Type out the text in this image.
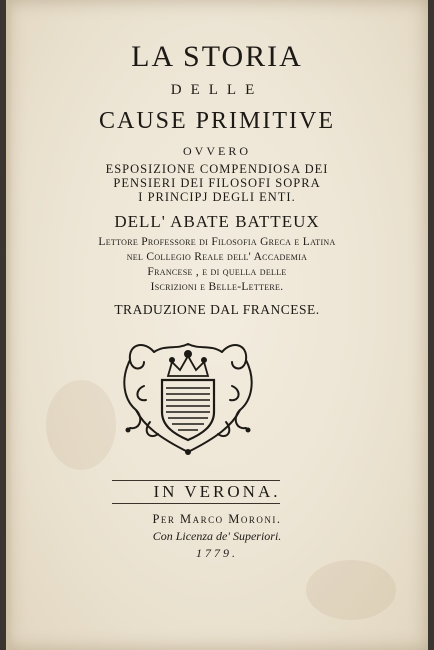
LA STORIA
DELLE
CAUSE PRIMITIVE
OVVERO
ESPOSIZIONE COMPENDIOSA DEI
PENSIERI DEI FILOSOFI SOPRA
I PRINCIPJ DEGLI ENTI.
DELL' ABATE BATTEUX
Lettore Professore di Filosofia Greca e Latina
nel Collegio Reale dell' Accademia
Francese , e di quella delle
Iscrizioni e Belle-Lettere.
TRADUZIONE DAL FRANCESE.
IN VERONA.
Per Marco Moroni.
Con Licenza de' Superiori.
1779.
